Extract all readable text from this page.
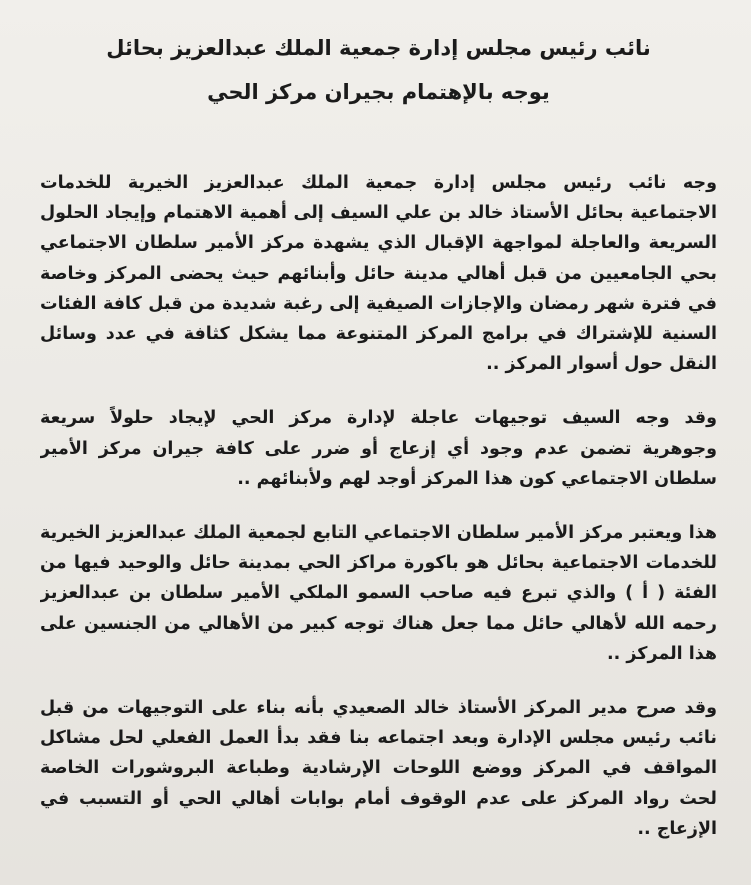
نائب رئيس مجلس إدارة جمعية الملك عبدالعزيز بحائل
يوجه بالإهتمام بجيران مركز الحي

وجه نائب رئيس مجلس إدارة جمعية الملك عبدالعزيز الخيرية للخدمات
الاجتماعية بحائل الأستاذ خالد بن علي السيف إلى أهمية الاهتمام وإيجاد الحلول
السريعة والعاجلة لمواجهة الإقبال الذي يشهدة مركز الأمير سلطان الاجتماعي
بحي الجامعيين من قبل أهالي مدينة حائل وأبنائهم حيث يحضى المركز وخاصة
في فترة شهر رمضان والإجازات الصيفية إلى رغبة شديدة من قبل كافة الفئات
السنية للإشتراك في برامج المركز المتنوعة مما يشكل كثافة في عدد وسائل
النقل حول أسوار المركز ..

وقد وجه السيف توجيهات عاجلة لإدارة مركز الحي لإيجاد حلولاً سريعة
وجوهرية تضمن عدم وجود أي إزعاج أو ضرر على كافة جيران مركز الأمير
سلطان الاجتماعي كون هذا المركز أوجد لهم ولأبنائهم ..

هذا ويعتبر مركز الأمير سلطان الاجتماعي التابع لجمعية الملك عبدالعزيز الخيرية
للخدمات الاجتماعية بحائل هو باكورة مراكز الحي بمدينة حائل والوحيد فيها من
الفئة ( أ ) والذي تبرع فيه صاحب السمو الملكي الأمير سلطان بن عبدالعزيز
رحمه الله لأهالي حائل مما جعل هناك توجه كبير من الأهالي من الجنسين على
هذا المركز ..

وقد صرح مدير المركز الأستاذ خالد الصعيدي بأنه بناء على التوجيهات من قبل
نائب رئيس مجلس الإدارة وبعد اجتماعه بنا فقد بدأ العمل الفعلي لحل مشاكل
المواقف في المركز ووضع اللوحات الإرشادية وطباعة البروشورات الخاصة
لحث رواد المركز على عدم الوقوف أمام بوابات أهالي الحي أو التسبب في
الإزعاج ..
